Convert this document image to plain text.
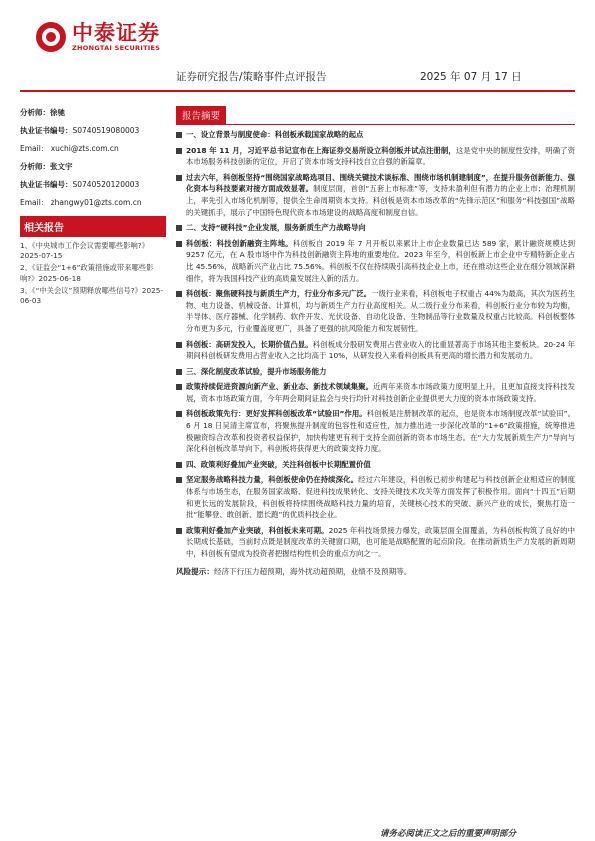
中泰证券
ZHONGTAI SECURITIES
证券研究报告/策略事件点评报告	2025 年 07 月 17 日
分析师：徐驰
执业证书编号：S0740519080003
Email： xuchi@zts.com.cn
分析师：张文宇
执业证书编号：S0740520120003
Email： zhangwy01@zts.com.cn
相关报告
1、《中央城市工作会议需要哪些影响?》2025-07-15
2、《证监会“1+6”政策措施或带来哪些影响?》2025-06-18
3、《“中关会议”预期释放哪些信号?》2025-06-03
报告摘要

一、设立背景与制度使命：科创板承载国家战略的起点

2018 年 11 月，习近平总书记宣布在上海证券交易所设立科创板并试点注册制，这是党中央的制度性安排，明确了资本市场服务科技创新的定位，开启了资本市场支持科技自立自强的新篇章。

过去六年，科创板坚持“围绕国家战略选项目、围绕关键技术谈标准、围绕市场机制建制度”，在提升服务创新能力、强化资本与科技要素对接方面成效显著。制度层面，首创“五套上市标准”等，支持未盈利但有潜力的企业上市；治理机制上，率先引入市场化机制等，提供全生命周期资本支持。科创板是资本市场改革的“先锋示范区”和服务“科技强国”战略的关键抓手，展示了中国特色现代资本市场建设的战略高度和制度自信。

二、支持“硬科技”企业发展，服务新质生产力战略导向

科创板：科技创新融资主阵地。科创板自 2019 年 7 月开板以来累计上市企业数量已达 589 家，累计融资规模达到 9257 亿元，在 A 股市场中作为科技创新融资主阵地的重要地位。2023 年至今，科创板新上市企业中专精特新企业占比 45.56%，战略新兴产业占比 75.56%。科创板不仅在持续吸引高科技企业上市，还在推动这些企业在细分领域深耕细作，将为我国科技产业的高质量发展注入新的活力。

科创板：聚焦硬科技与新质生产力，行业分布多元广泛。一级行业来看，科创板电子权重占 44%为最高，其次为医药生物、电力设备、机械设备、计算机，均与新质生产力行业高度相关。从二级行业分布来看，科创板行业分布较为均衡，半导体、医疗器械、化学制药、软件开发、光伏设备、自动化设备、生物制品等行业数量及权重占比较高。科创板整体分布更为多元，行业覆盖度更广，具备了更强的抗风险能力和发展韧性。

科创板：高研发投入，长期价值凸显。科创板成分股研发费用占营业收入的比重显著高于市场其他主要板块。20-24 年期间科创板研发费用占营业收入之比均高于 10%，从研发投入来看科创板具有更高的增长潜力和发展动力。

三、深化制度改革试验，提升市场服务能力

政策持续促进资源向新产业、新业态、新技术领域集聚。近两年来资本市场政策力度明显上升，且更加直接支持科技发展，资本市场政策方面，今年两会期间证监会与央行均针对科技创新企业提供更大力度的资本市场政策支持。

科创板政策先行：更好发挥科创板改革“试验田”作用。科创板是注册制改革的起点，也是资本市场制度改革“试验田”。6 月 18 日吴清主席宣布，将聚焦提升制度的包容性和适应性，加力推出进一步深化改革的“1+6”政策措施，统筹推进极融资综合改革和投资者权益保护，加快构建更有利于支持全面创新的资本市场生态。在“大力发展新质生产力”导向与深化科创板改革导向下，科创板将获得更大的政策支持力度。

四、政策利好叠加产业突破，关注科创板中长期配置价值

坚定服务战略科技力量，科创板使命仍在持续深化。经过六年建设，科创板已初步构建起与科技创新企业相适应的制度体系与市场生态，在服务国家战略、促进科技成果转化、支持关键技术攻关等方面发挥了积极作用。面向“十四五”后期和更长远的发展阶段，科创板将持续围绕战略科技力量的培育，关键核心技术的突破、新兴产业的成长，聚焦打造一批“能攀登、敢创新、愿长跑”的优质科技企业。

政策利好叠加产业突破，科创板未来可期。2025 年科技场景接力爆发，政策层面全面覆盖，为科创板构筑了良好的中长期成长基础，当前时点既是制度改革的关键窗口期，也可能是战略配置的起点阶段。在推动新质生产力发展的新周期中，科创板有望成为投资者把握结构性机会的重点方向之一。

风险提示：经济下行压力超预期，海外扰动超预期，业绩不及预期等。
请务必阅读正文之后的重要声明部分
